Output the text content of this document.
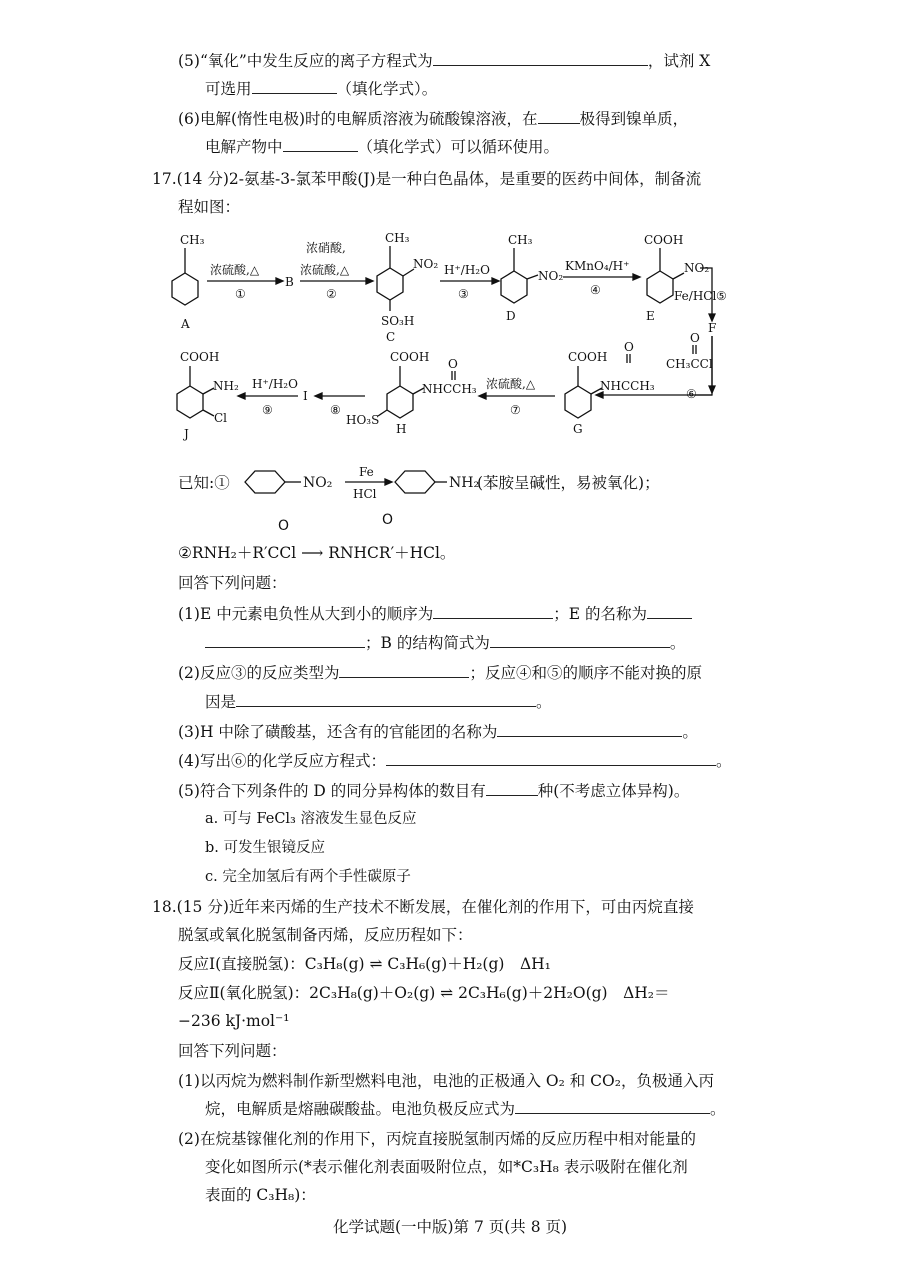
(5)“氧化”中发生反应的离子方程式为	，试剂 X
可选用	（填化学式）。
(6)电解(惰性电极)时的电解质溶液为硫酸镍溶液，在	极得到镍单质，
电解产物中	（填化学式）可以循环使用。
17.(14 分)2-氨基-3-氯苯甲酸(J)是一种白色晶体，是重要的医药中间体，制备流
程如图：
CH₃
A
浓硫酸,△
①
B
浓硝酸,
浓硫酸,△
②
CH₃
NO₂
SO₃H
C
H⁺/H₂O
③
CH₃
NO₂
D
KMnO₄/H⁺
④
COOH
NO₂
E
Fe/HCl ⑤
F
O
CH₃CCl
⑥
COOH
O
NHCCH₃
G
浓硫酸,△
⑦
COOH O
NHCCH₃
HO₃S
H
⑧
I
H⁺/H₂O
⑨
COOH
NH₂
Cl
J
已知:①	NO₂
Fe
HCl
NH₂
(苯胺呈碱性，易被氧化)；
O	O
②RNH₂＋R′CCl ⟶ RNHCR′＋HCl。
回答下列问题：
(1)E 中元素电负性从大到小的顺序为	；E 的名称为
；B 的结构简式为	。
(2)反应③的反应类型为	；反应④和⑤的顺序不能对换的原
因是	。
(3)H 中除了磺酸基，还含有的官能团的名称为	。
(4)写出⑥的化学反应方程式：	。
(5)符合下列条件的 D 的同分异构体的数目有	种(不考虑立体异构)。
a. 可与 FeCl₃ 溶液发生显色反应
b. 可发生银镜反应
c. 完全加氢后有两个手性碳原子
18.(15 分)近年来丙烯的生产技术不断发展，在催化剂的作用下，可由丙烷直接
脱氢或氧化脱氢制备丙烯，反应历程如下：
反应Ⅰ(直接脱氢)：C₃H₈(g) ⇌ C₃H₆(g)＋H₂(g)　ΔH₁
反应Ⅱ(氧化脱氢)：2C₃H₈(g)＋O₂(g) ⇌ 2C₃H₆(g)＋2H₂O(g)　ΔH₂＝
−236 kJ·mol⁻¹
回答下列问题：
(1)以丙烷为燃料制作新型燃料电池，电池的正极通入 O₂ 和 CO₂，负极通入丙
烷，电解质是熔融碳酸盐。电池负极反应式为	。
(2)在烷基镓催化剂的作用下，丙烷直接脱氢制丙烯的反应历程中相对能量的
变化如图所示(*表示催化剂表面吸附位点，如*C₃H₈ 表示吸附在催化剂
表面的 C₃H₈)：
化学试题(一中版)第 7 页(共 8 页)
